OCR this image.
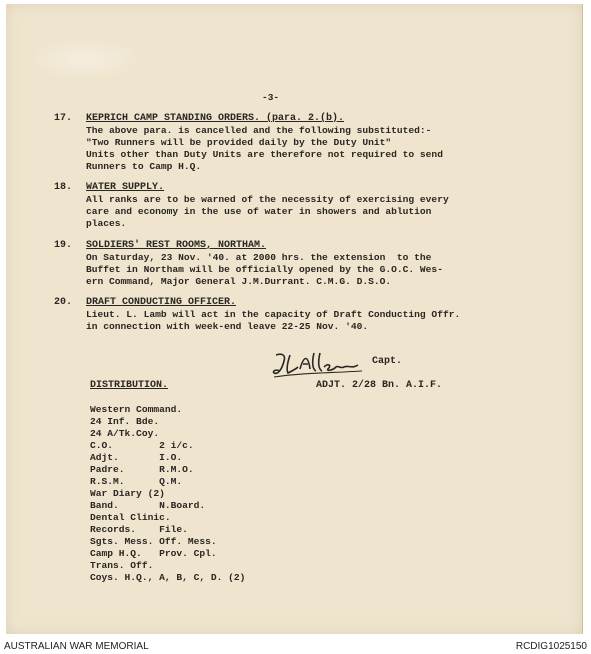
-3-
17. KEPRICH CAMP STANDING ORDERS. (para. 2.(b).
The above para. is cancelled and the following substituted:-
"Two Runners will be provided daily by the Duty Unit"
Units other than Duty Units are therefore not required to send
Runners to Camp H.Q.
18. WATER SUPPLY.
All ranks are to be warned of the necessity of exercising every
care and economy in the use of water in showers and ablution
places.
19. SOLDIERS' REST ROOMS, NORTHAM.
On Saturday, 23 Nov. '40. at 2000 hrs. the extension  to the
Buffet in Northam will be officially opened by the G.O.C. Wes-
ern Command, Major General J.M.Durrant. C.M.G. D.S.O.
20. DRAFT CONDUCTING OFFICER.
Lieut. L. Lamb will act in the capacity of Draft Conducting Offr.
in connection with week-end leave 22-25 Nov. '40.
Capt.
ADJT. 2/28 Bn. A.I.F.
DISTRIBUTION.
Western Command.
24 Inf. Bde.
24 A/Tk.Coy.
C.O.        2 i/c.
Adjt.       I.O.
Padre.      R.M.O.
R.S.M.      Q.M.
War Diary (2)
Band.       N.Board.
Dental Clinic.
Records.    File.
Sgts. Mess. Off. Mess.
Camp H.Q.   Prov. Cpl.
Trans. Off.
Coys. H.Q., A, B, C, D. (2)
AUSTRALIAN WAR MEMORIAL	RCDIG1025150
